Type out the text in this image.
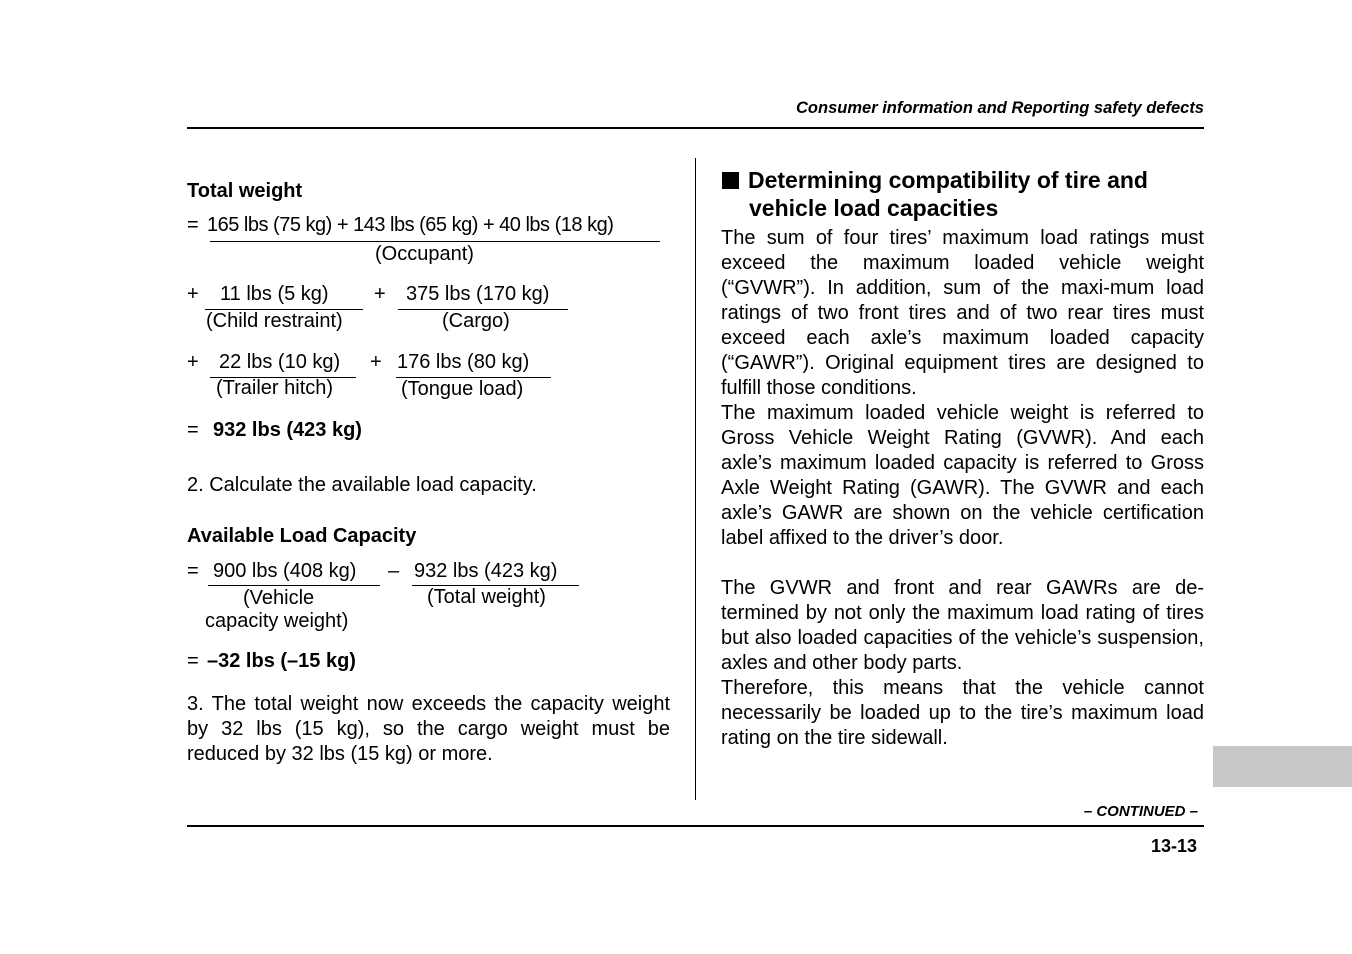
Consumer information and Reporting safety defects
Total weight
= 165 lbs (75 kg) + 143 lbs (65 kg) + 40 lbs (18 kg)
(Occupant)
+ 11 lbs (5 kg) + 375 lbs (170 kg)
(Child restraint)	(Cargo)
+ 22 lbs (10 kg) + 176 lbs (80 kg)
(Trailer hitch)	(Tongue load)
= 932 lbs (423 kg)
2. Calculate the available load capacity.
Available Load Capacity
= 900 lbs (408 kg) – 932 lbs (423 kg)
(Vehicle
capacity weight)
(Total weight)
= –32 lbs (–15 kg)
3. The total weight now exceeds the capacity weight by 32 lbs (15 kg), so the cargo weight must be reduced by 32 lbs (15 kg) or more.
Determining compatibility of tire and
vehicle load capacities
The sum of four tires’ maximum load ratings must exceed the maximum loaded vehicle weight (“GVWR”). In addition, sum of the maxi-mum load ratings of two front tires and of two rear tires must exceed each axle’s maximum loaded capacity (“GAWR”). Original equipment tires are designed to fulfill those conditions.
The maximum loaded vehicle weight is referred to Gross Vehicle Weight Rating (GVWR). And each axle’s maximum loaded capacity is referred to Gross Axle Weight Rating (GAWR). The GVWR and each axle’s GAWR are shown on the vehicle certification label affixed to the driver’s door.
The GVWR and front and rear GAWRs are de-termined by not only the maximum load rating of tires but also loaded capacities of the vehicle’s suspension, axles and other body parts.
Therefore, this means that the vehicle cannot necessarily be loaded up to the tire’s maximum load rating on the tire sidewall.
– CONTINUED –
13-13
